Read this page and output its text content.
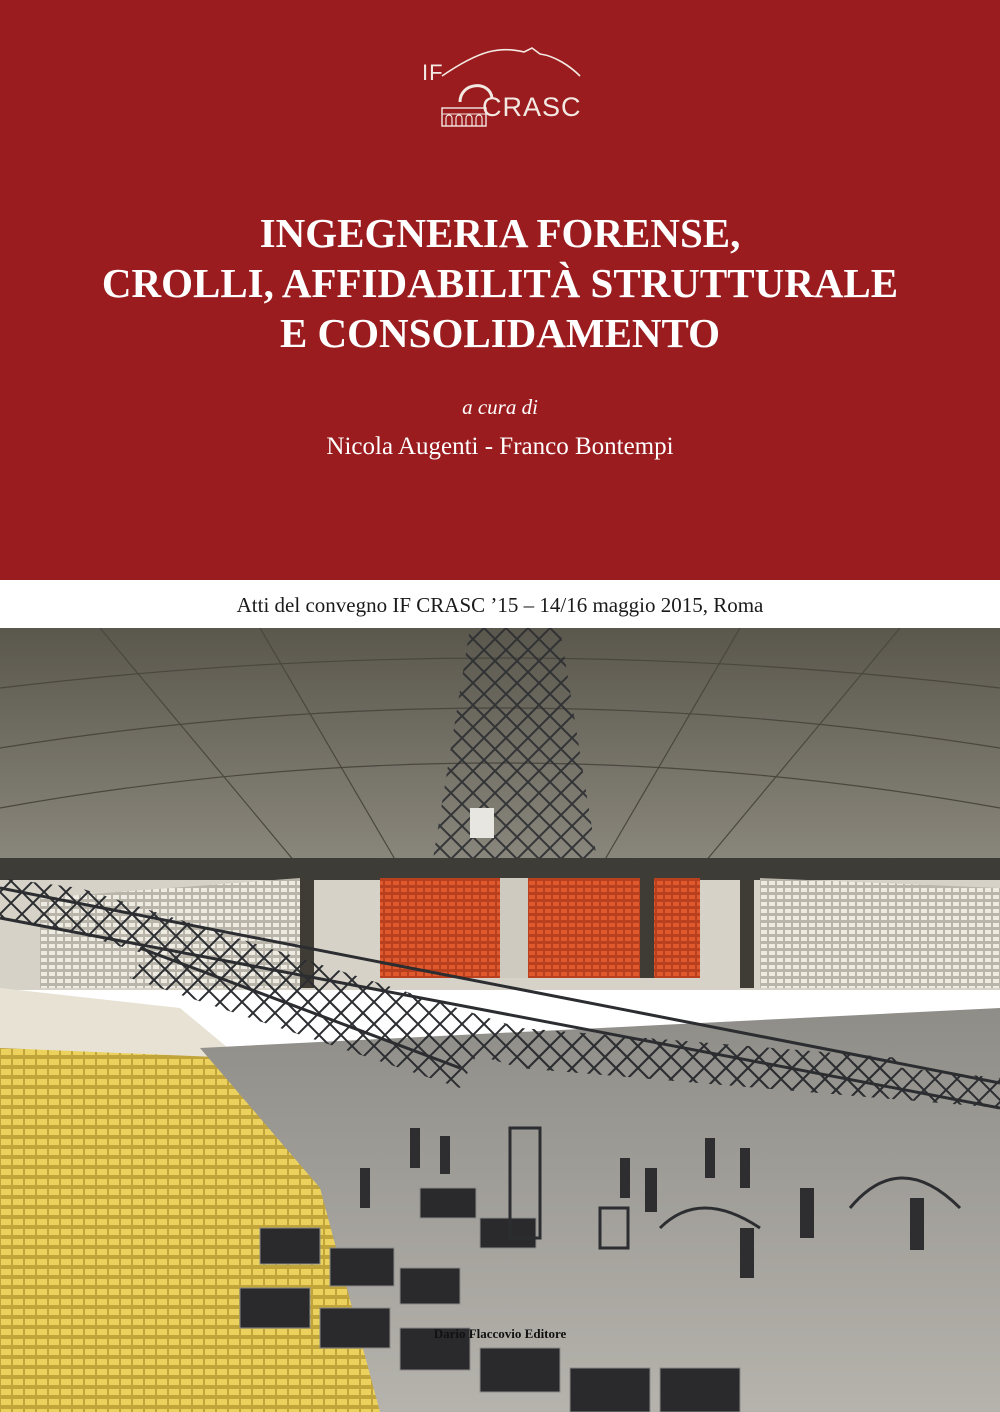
IF
CRASC
INGEGNERIA FORENSE,
CROLLI, AFFIDABILITÀ STRUTTURALE
E CONSOLIDAMENTO
a cura di
Nicola Augenti - Franco Bontempi
Atti del convegno IF CRASC ’15 – 14/16 maggio 2015, Roma
Dario Flaccovio Editore
